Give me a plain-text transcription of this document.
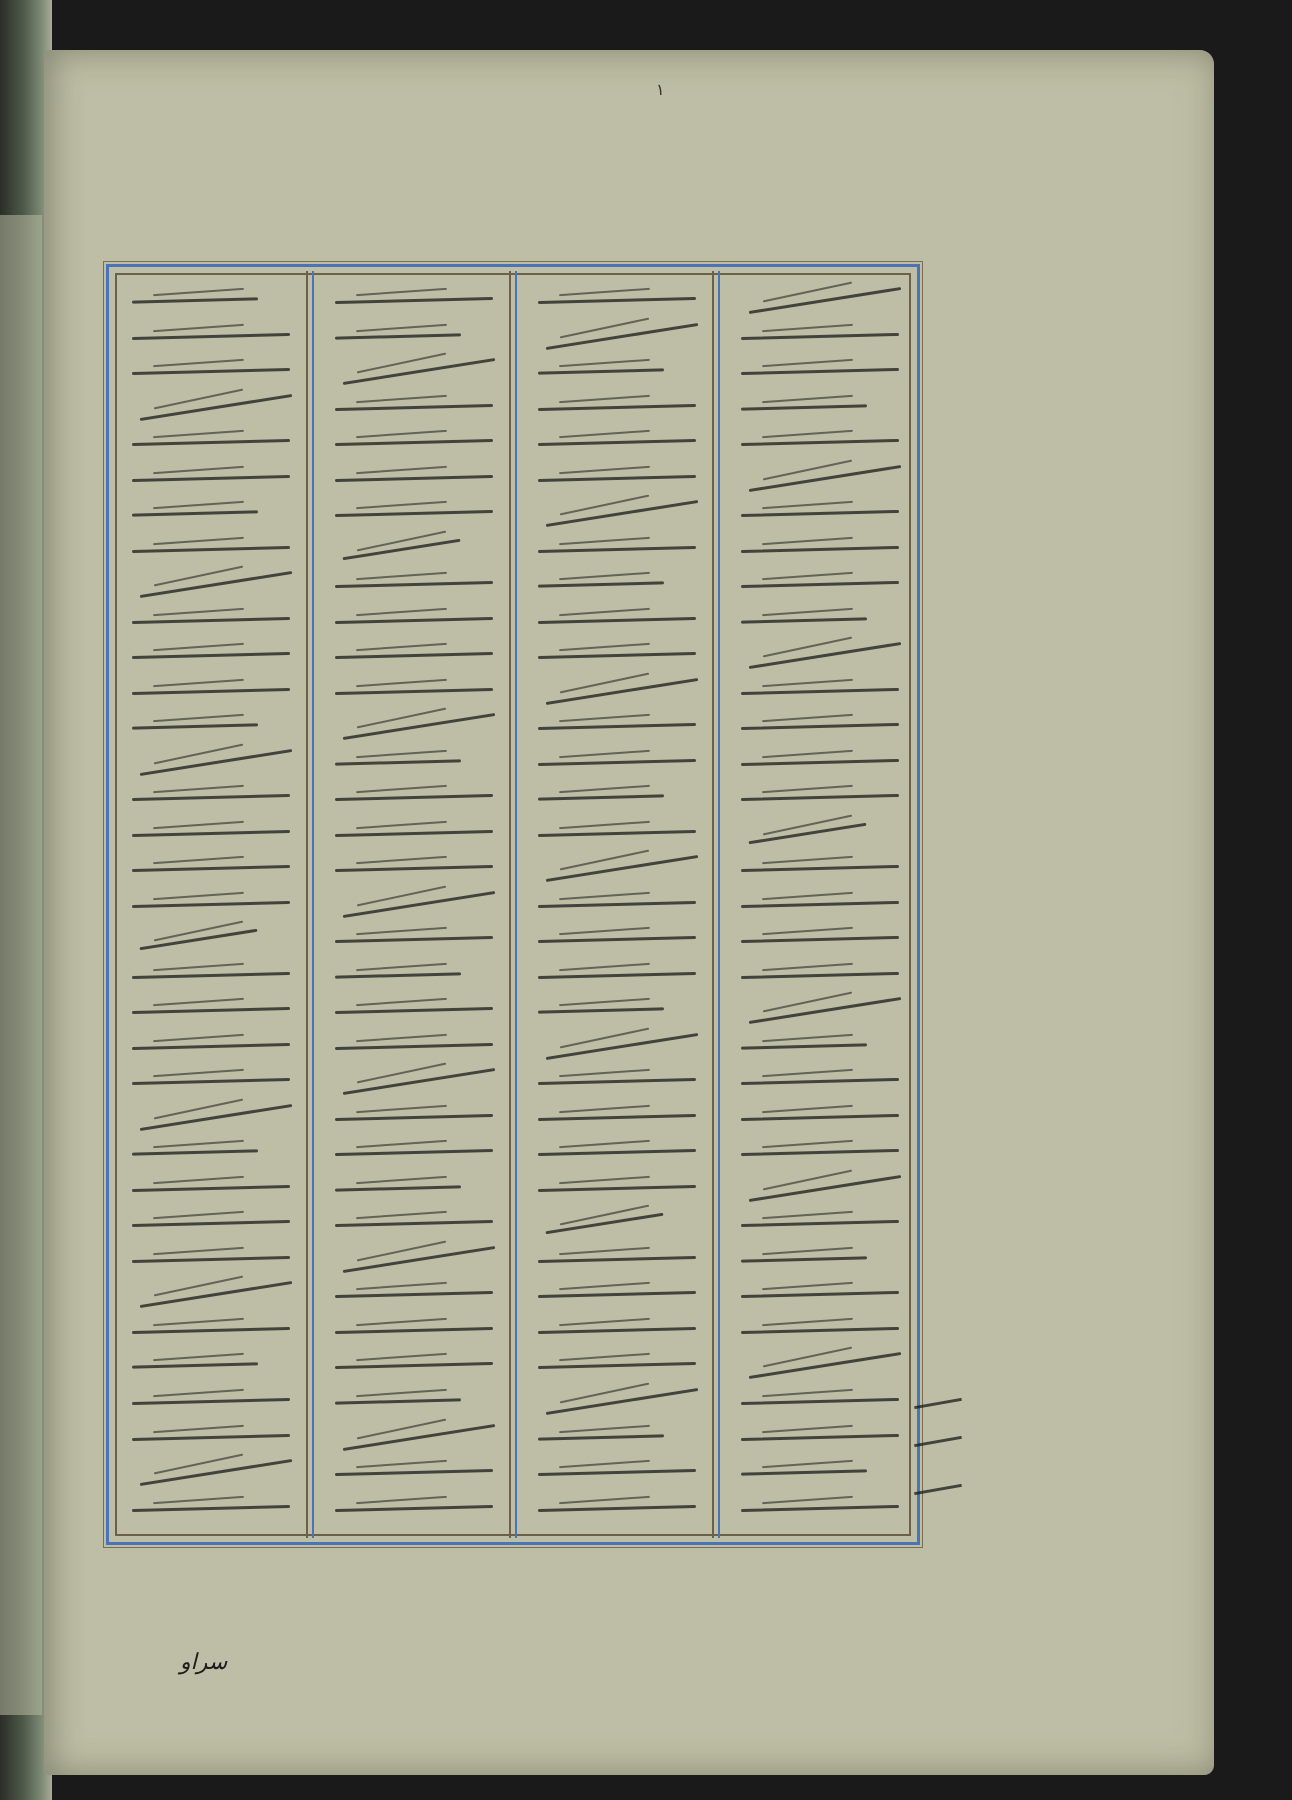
۱
سراو
